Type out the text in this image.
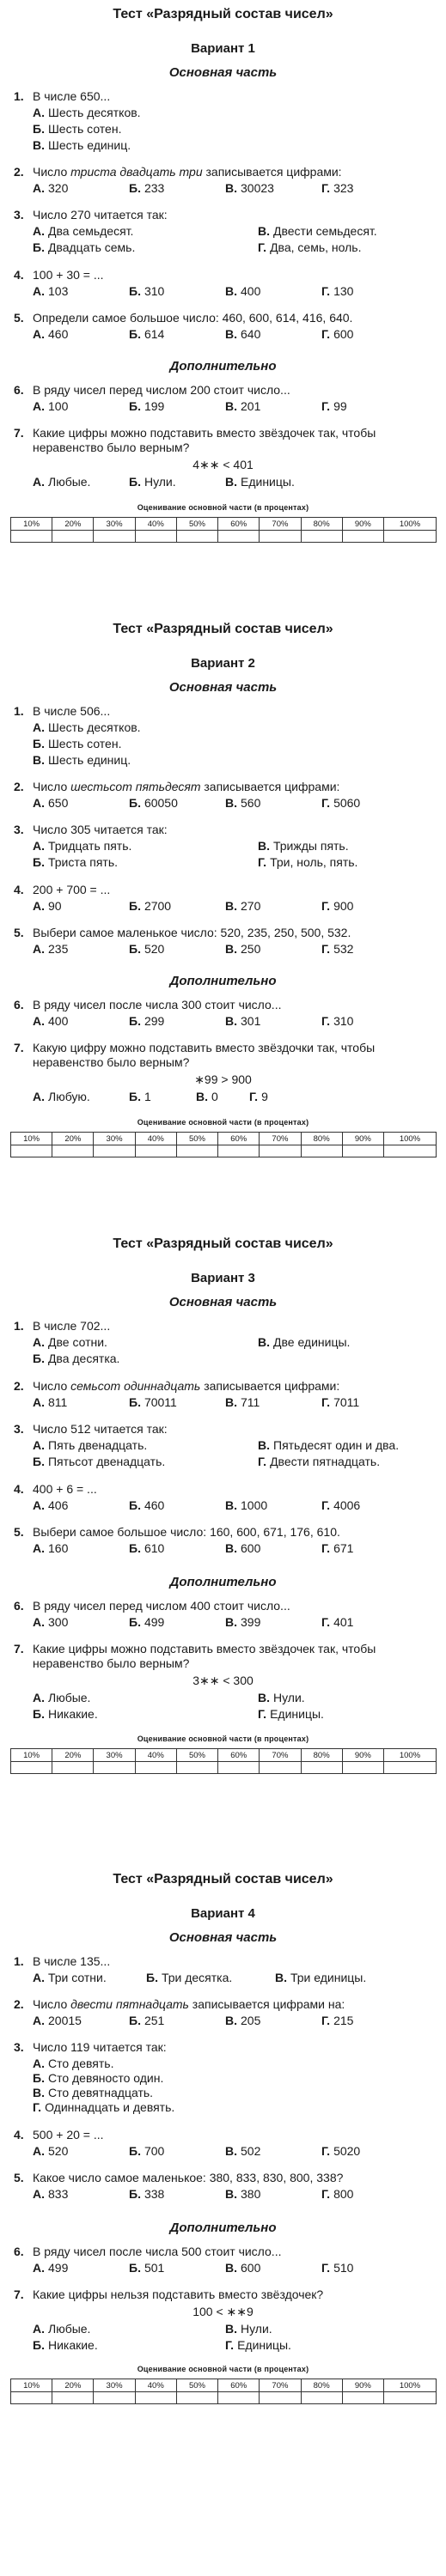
Тест «Разрядный состав чисел»
Вариант 1
Основная часть
1. В числе 650...
А. Шесть десятков.
Б. Шесть сотен.
В. Шесть единиц.
2. Число триста двадцать три записывается цифрами:
А. 320	Б. 233	В. 30023	Г. 323
3. Число 270 читается так:
А. Два семьдесят.	В. Двести семьдесят.
Б. Двадцать семь.	Г. Два, семь, ноль.
4. 100 + 30 = ...
А. 103	Б. 310	В. 400	Г. 130
5. Определи самое большое число: 460, 600, 614, 416, 640.
А. 460	Б. 614	В. 640	Г. 600
Дополнительно
6. В ряду чисел перед числом 200 стоит число...
А. 100	Б. 199	В. 201	Г. 99
7. Какие цифры можно подставить вместо звёздочек так, чтобы неравенство было верным?
4∗∗ < 401
А. Любые.	Б. Нули.	В. Единицы.
Оценивание основной части (в процентах)
10%	20%	30%	40%	50%	60%	70%	80%	90%	100%

Тест «Разрядный состав чисел»
Вариант 2
Основная часть
1. В числе 506...
А. Шесть десятков.
Б. Шесть сотен.
В. Шесть единиц.
2. Число шестьсот пятьдесят записывается цифрами:
А. 650	Б. 60050	В. 560	Г. 5060
3. Число 305 читается так:
А. Тридцать пять.	В. Трижды пять.
Б. Триста пять.	Г. Три, ноль, пять.
4. 200 + 700 = ...
А. 90	Б. 2700	В. 270	Г. 900
5. Выбери самое маленькое число: 520, 235, 250, 500, 532.
А. 235	Б. 520	В. 250	Г. 532
Дополнительно
6. В ряду чисел после числа 300 стоит число...
А. 400	Б. 299	В. 301	Г. 310
7. Какую цифру можно подставить вместо звёздочки так, чтобы неравенство было верным?
∗99 > 900
А. Любую.	Б. 1	В. 0	Г. 9
Оценивание основной части (в процентах)
10%	20%	30%	40%	50%	60%	70%	80%	90%	100%

Тест «Разрядный состав чисел»
Вариант 3
Основная часть
1. В числе 702...
А. Две сотни.	В. Две единицы.
Б. Два десятка.
2. Число семьсот одиннадцать записывается цифрами:
А. 811	Б. 70011	В. 711	Г. 7011
3. Число 512 читается так:
А. Пять двенадцать.	В. Пятьдесят один и два.
Б. Пятьсот двенадцать.	Г. Двести пятнадцать.
4. 400 + 6 = ...
А. 406	Б. 460	В. 1000	Г. 4006
5. Выбери самое большое число: 160, 600, 671, 176, 610.
А. 160	Б. 610	В. 600	Г. 671
Дополнительно
6. В ряду чисел перед числом 400 стоит число...
А. 300	Б. 499	В. 399	Г. 401
7. Какие цифры можно подставить вместо звёздочек так, чтобы неравенство было верным?
3∗∗ < 300
А. Любые.	В. Нули.
Б. Никакие.	Г. Единицы.
Оценивание основной части (в процентах)
10%	20%	30%	40%	50%	60%	70%	80%	90%	100%

Тест «Разрядный состав чисел»
Вариант 4
Основная часть
1. В числе 135...
А. Три сотни.	Б. Три десятка.	В. Три единицы.
2. Число двести пятнадцать записывается цифрами на:
А. 20015	Б. 251	В. 205	Г. 215
3. Число 119 читается так:
А. Сто девять.
Б. Сто девяносто один.
В. Сто девятнадцать.
Г. Одиннадцать и девять.
4. 500 + 20 = ...
А. 520	Б. 700	В. 502	Г. 5020
5. Какое число самое маленькое: 380, 833, 830, 800, 338?
А. 833	Б. 338	В. 380	Г. 800
Дополнительно
6. В ряду чисел после числа 500 стоит число...
А. 499	Б. 501	В. 600	Г. 510
7. Какие цифры нельзя подставить вместо звёздочек?
100 < ∗∗9
А. Любые.	В. Нули.
Б. Никакие.	Г. Единицы.
Оценивание основной части (в процентах)
10%	20%	30%	40%	50%	60%	70%	80%	90%	100%
